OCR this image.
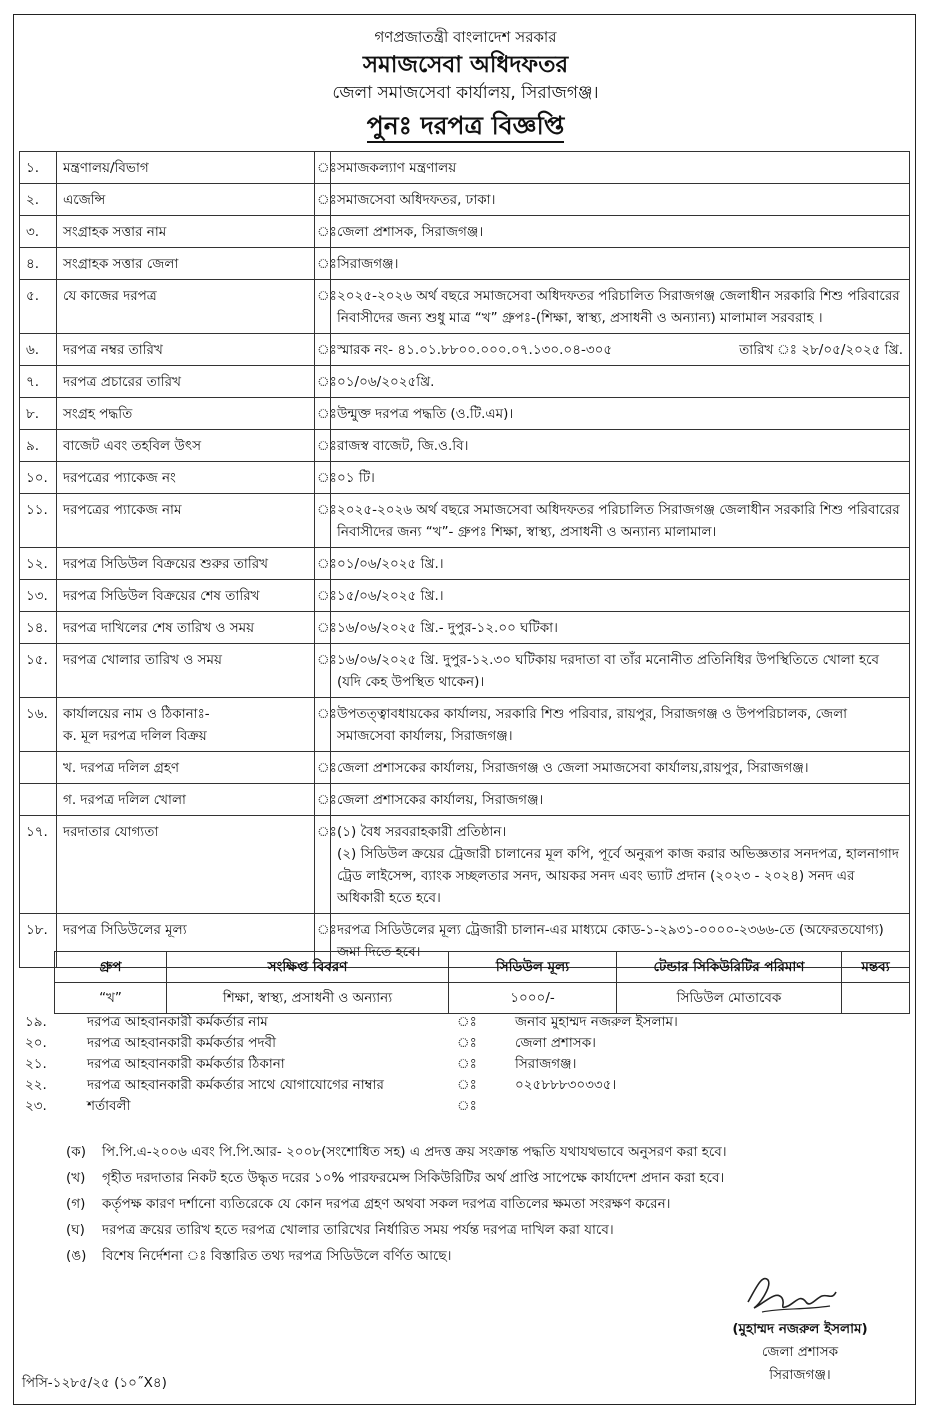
গণপ্রজাতন্ত্রী বাংলাদেশ সরকার
সমাজসেবা অধিদফতর
জেলা সমাজসেবা কার্যালয়, সিরাজগঞ্জ।
পুনঃ দরপত্র বিজ্ঞপ্তি
১.	মন্ত্রণালয়/বিভাগ	ঃ	সমাজকল্যাণ মন্ত্রণালয়
২.	এজেন্সি	ঃ	সমাজসেবা অধিদফতর, ঢাকা।
৩.	সংগ্রাহক সত্তার নাম	ঃ	জেলা প্রশাসক, সিরাজগঞ্জ।
৪.	সংগ্রাহক সত্তার জেলা	ঃ	সিরাজগঞ্জ।
৫.	যে কাজের দরপত্র	ঃ	২০২৫-২০২৬ অর্থ বছরে সমাজসেবা অধিদফতর পরিচালিত সিরাজগঞ্জ জেলাধীন সরকারি শিশু পরিবারের নিবাসীদের জন্য শুধু মাত্র “খ” গ্রুপঃ-(শিক্ষা, স্বাস্থ্য, প্রসাধনী ও অন্যান্য) মালামাল সরবরাহ ।
৬.	দরপত্র নম্বর তারিখ	ঃ	স্মারক নং- ৪১.০১.৮৮০০.০০০.০৭.১৩০.০৪-৩০৫ তারিখ ঃ ২৮/০৫/২০২৫ খ্রি.

৭.	দরপত্র প্রচারের তারিখ	ঃ	০১/০৬/২০২৫খ্রি.
৮.	সংগ্রহ পদ্ধতি	ঃ	উন্মুক্ত দরপত্র পদ্ধতি (ও.টি.এম)।
৯.	বাজেট এবং তহবিল উৎস	ঃ	রাজস্ব বাজেট, জি.ও.বি।
১০.	দরপত্রের প্যাকেজ নং	ঃ	০১ টি।
১১.	দরপত্রের প্যাকেজ নাম	ঃ	২০২৫-২০২৬ অর্থ বছরে সমাজসেবা অধিদফতর পরিচালিত সিরাজগঞ্জ জেলাধীন সরকারি শিশু পরিবারের নিবাসীদের জন্য “খ”- গ্রুপঃ শিক্ষা, স্বাস্থ্য, প্রসাধনী ও অন্যান্য মালামাল।
১২.	দরপত্র সিডিউল বিক্রয়ের শুরুর তারিখ	ঃ	০১/০৬/২০২৫ খ্রি.।
১৩.	দরপত্র সিডিউল বিক্রয়ের শেষ তারিখ	ঃ	১৫/০৬/২০২৫ খ্রি.।
১৪.	দরপত্র দাখিলের শেষ তারিখ ও সময়	ঃ	১৬/০৬/২০২৫ খ্রি.- দুপুর-১২.০০ ঘটিকা।
১৫.	দরপত্র খোলার তারিখ ও সময়	ঃ	১৬/০৬/২০২৫ খ্রি. দুপুর-১২.৩০ ঘটিকায় দরদাতা বা তাঁর মনোনীত প্রতিনিধির উপস্থিতিতে খোলা হবে (যদি কেহ উপস্থিত থাকেন)।
১৬.	কার্যালয়ের নাম ও ঠিকানাঃ-
ক. মূল দরপত্র দলিল বিক্রয়	ঃ	উপতত্ত্বাবধায়কের কার্যালয়, সরকারি শিশু পরিবার, রায়পুর, সিরাজগঞ্জ ও উপপরিচালক, জেলা সমাজসেবা কার্যালয়, সিরাজগঞ্জ।
	খ. দরপত্র দলিল গ্রহণ	ঃ	জেলা প্রশাসকের কার্যালয়, সিরাজগঞ্জ ও জেলা সমাজসেবা কার্যালয়,রায়পুর, সিরাজগঞ্জ।
	গ. দরপত্র দলিল খোলা	ঃ	জেলা প্রশাসকের কার্যালয়, সিরাজগঞ্জ।
১৭.	দরদাতার যোগ্যতা	ঃ	(১) বৈধ সরবরাহকারী প্রতিষ্ঠান।
(২) সিডিউল ক্রয়ের ট্রেজারী চালানের মূল কপি, পূর্বে অনুরূপ কাজ করার অভিজ্ঞতার সনদপত্র, হালনাগাদ ট্রেড লাইসেন্স, ব্যাংক সচ্ছলতার সনদ, আয়কর সনদ এবং ভ্যাট প্রদান (২০২৩ - ২০২৪) সনদ এর অধিকারী হতে হবে।

১৮.	দরপত্র সিডিউলের মূল্য	ঃ	দরপত্র সিডিউলের মূল্য ট্রেজারী চালান-এর মাধ্যমে কোড-১-২৯৩১-০০০০-২৩৬৬-তে (অফেরতযোগ্য) জমা দিতে হবে।
গ্রুপ	সংক্ষিপ্ত বিবরণ	সিডিউল মূল্য	টেন্ডার সিকিউরিটির পরিমাণ	মন্তব্য
“খ”	শিক্ষা, স্বাস্থ্য, প্রসাধনী ও অন্যান্য	১০০০/-	সিডিউল মোতাবেক	
১৯.	দরপত্র আহবানকারী কর্মকর্তার নাম	ঃ	জনাব মুহাম্মদ নজরুল ইসলাম।
২০.	দরপত্র আহবানকারী কর্মকর্তার পদবী	ঃ	জেলা প্রশাসক।
২১.	দরপত্র আহবানকারী কর্মকর্তার ঠিকানা	ঃ	সিরাজগঞ্জ।
২২.	দরপত্র আহবানকারী কর্মকর্তার সাথে যোগাযোগের নাম্বার	ঃ	০২৫৮৮৮৩০৩৩৫।
২৩.	শর্তাবলী	ঃ
(ক) পি.পি.এ-২০০৬ এবং পি.পি.আর- ২০০৮(সংশোধিত সহ) এ প্রদত্ত ক্রয় সংক্রান্ত পদ্ধতি যথাযথভাবে অনুসরণ করা হবে।
(খ) গৃহীত দরদাতার নিকট হতে উদ্ধৃত দরের ১০% পারফরমেন্স সিকিউরিটির অর্থ প্রাপ্তি সাপেক্ষে কার্যাদেশ প্রদান করা হবে।
(গ) কর্তৃপক্ষ কারণ দর্শানো ব্যতিরেকে যে কোন দরপত্র গ্রহণ অথবা সকল দরপত্র বাতিলের ক্ষমতা সংরক্ষণ করেন।
(ঘ) দরপত্র ক্রয়ের তারিখ হতে দরপত্র খোলার তারিখের নির্ধারিত সময় পর্যন্ত দরপত্র দাখিল করা যাবে।
(ঙ) বিশেষ নির্দেশনা ঃ বিস্তারিত তথ্য দরপত্র সিডিউলে বর্ণিত আছে।
(মুহাম্মদ নজরুল ইসলাম)
জেলা প্রশাসক
সিরাজগঞ্জ।
পিসি-১২৮৫/২৫ (১০˝X৪)
